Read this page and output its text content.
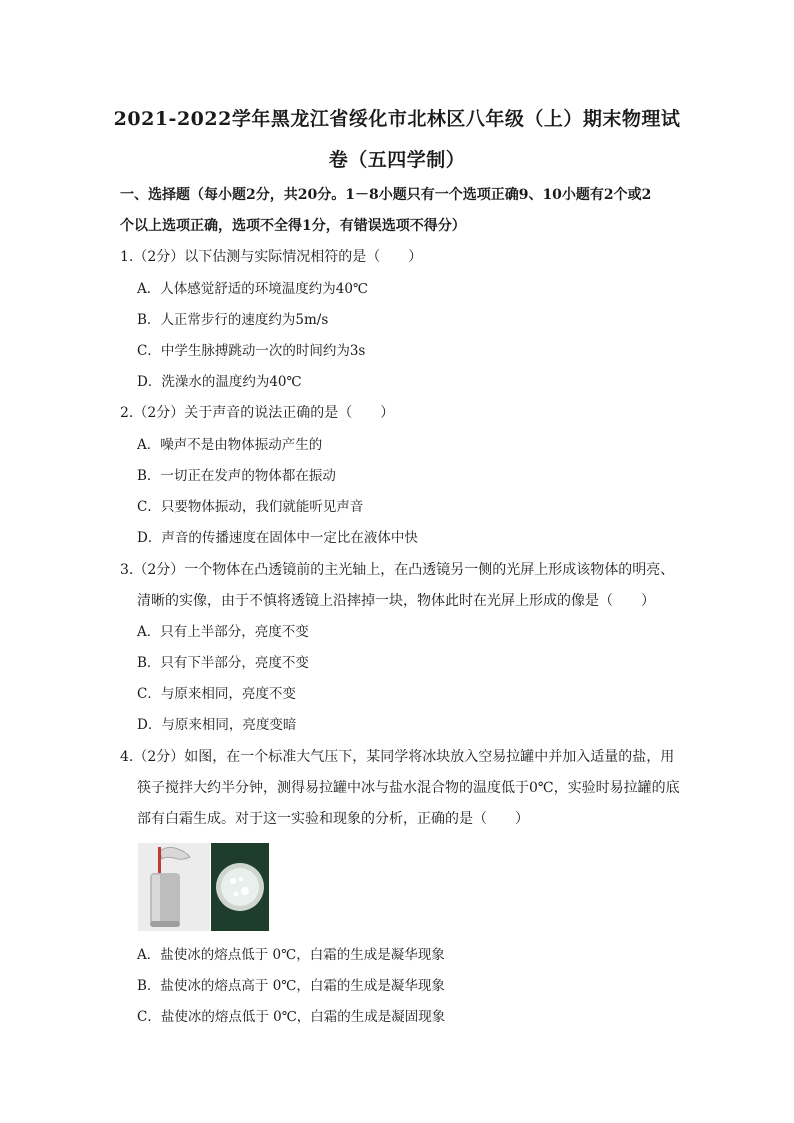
2021-2022学年黑龙江省绥化市北林区八年级（上）期末物理试
卷（五四学制）
一、选择题（每小题2分，共20分。1－8小题只有一个选项正确9、10小题有2个或2
个以上选项正确，选项不全得1分，有错误选项不得分）
1.（2分）以下估测与实际情况相符的是（　　）
A．人体感觉舒适的环境温度约为40℃
B．人正常步行的速度约为5m/s
C．中学生脉搏跳动一次的时间约为3s
D．洗澡水的温度约为40℃
2.（2分）关于声音的说法正确的是（　　）
A．噪声不是由物体振动产生的
B．一切正在发声的物体都在振动
C．只要物体振动，我们就能听见声音
D．声音的传播速度在固体中一定比在液体中快
3.（2分）一个物体在凸透镜前的主光轴上，在凸透镜另一侧的光屏上形成该物体的明亮、
清晰的实像，由于不慎将透镜上沿摔掉一块，物体此时在光屏上形成的像是（　　）
A．只有上半部分，亮度不变
B．只有下半部分，亮度不变
C．与原来相同，亮度不变
D．与原来相同，亮度变暗
4.（2分）如图，在一个标准大气压下，某同学将冰块放入空易拉罐中并加入适量的盐，用
筷子搅拌大约半分钟，测得易拉罐中冰与盐水混合物的温度低于0℃，实验时易拉罐的底
部有白霜生成。对于这一实验和现象的分析，正确的是（　　）
A．盐使冰的熔点低于 0℃，白霜的生成是凝华现象
B．盐使冰的熔点高于 0℃，白霜的生成是凝华现象
C．盐使冰的熔点低于 0℃，白霜的生成是凝固现象
